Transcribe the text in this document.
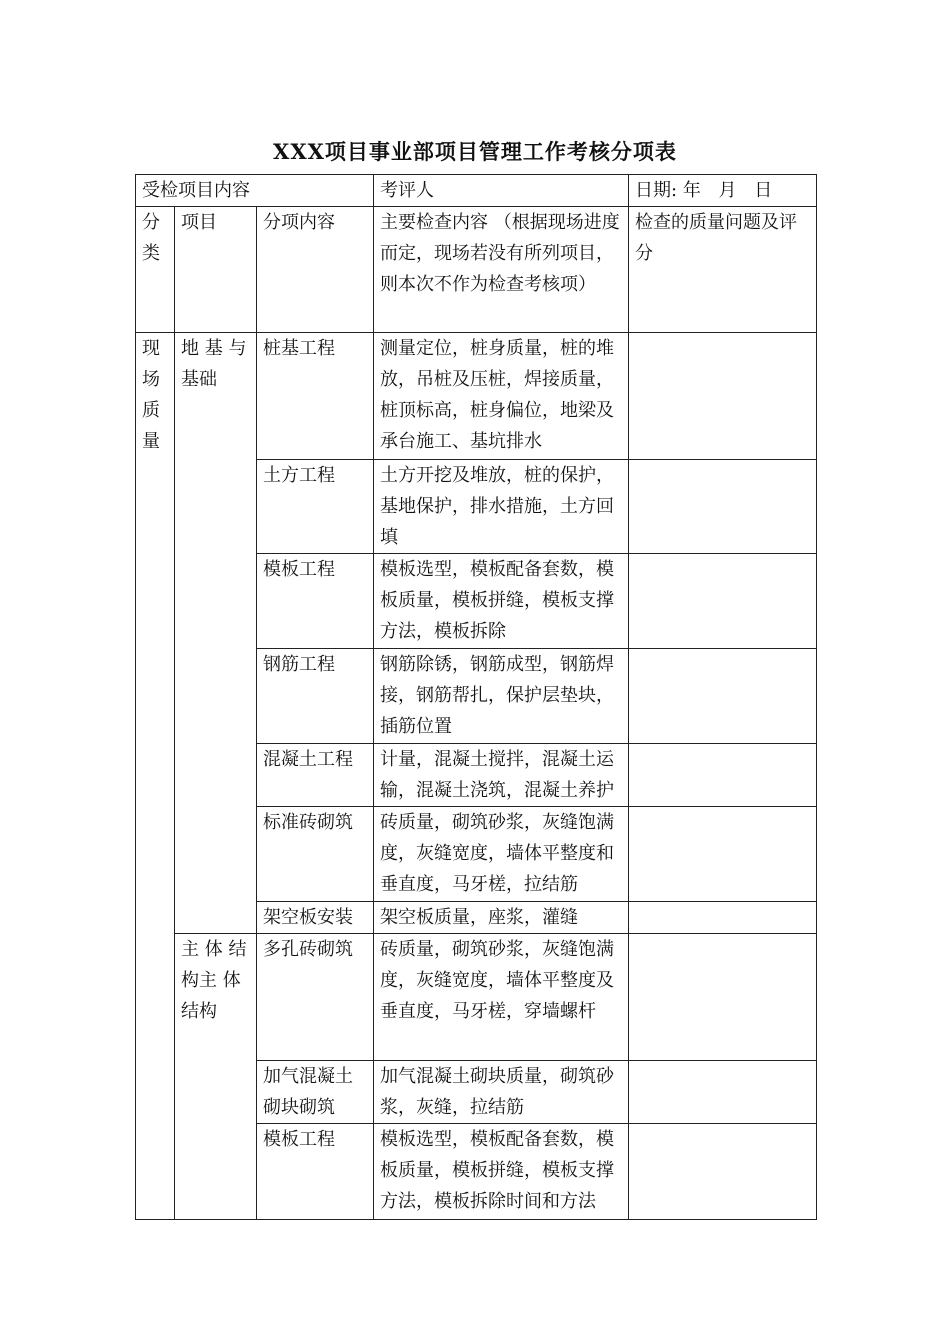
XXX项目事业部项目管理工作考核分项表
受检项目内容			考评人	日期: 年 月 日
分类	项目	分项内容	主要检查内容 （根据现场进度而定，现场若没有所列项目，则本次不作为检查考核项）	检查的质量问题及评分
现场质量	地 基 与基础	桩基工程	测量定位，桩身质量，桩的堆放，吊桩及压桩，焊接质量，桩顶标高，桩身偏位，地梁及承台施工、基坑排水	
		土方工程	土方开挖及堆放，桩的保护，基地保护，排水措施，土方回填	
		模板工程	模板选型，模板配备套数，模板质量，模板拼缝，模板支撑方法，模板拆除	
		钢筋工程	钢筋除锈，钢筋成型，钢筋焊接，钢筋帮扎，保护层垫块，插筋位置	
		混凝土工程	计量，混凝土搅拌，混凝土运输，混凝土浇筑，混凝土养护	
		标准砖砌筑	砖质量，砌筑砂浆，灰缝饱满度，灰缝宽度，墙体平整度和垂直度，马牙槎，拉结筋	
		架空板安装	架空板质量，座浆，灌缝	
	主 体 结构主 体 结构	多孔砖砌筑	砖质量，砌筑砂浆，灰缝饱满度，灰缝宽度，墙体平整度及垂直度，马牙槎，穿墙螺杆	
		加气混凝土砌块砌筑	加气混凝土砌块质量，砌筑砂浆，灰缝，拉结筋	
		模板工程	模板选型，模板配备套数，模板质量，模板拼缝，模板支撑方法，模板拆除时间和方法	
